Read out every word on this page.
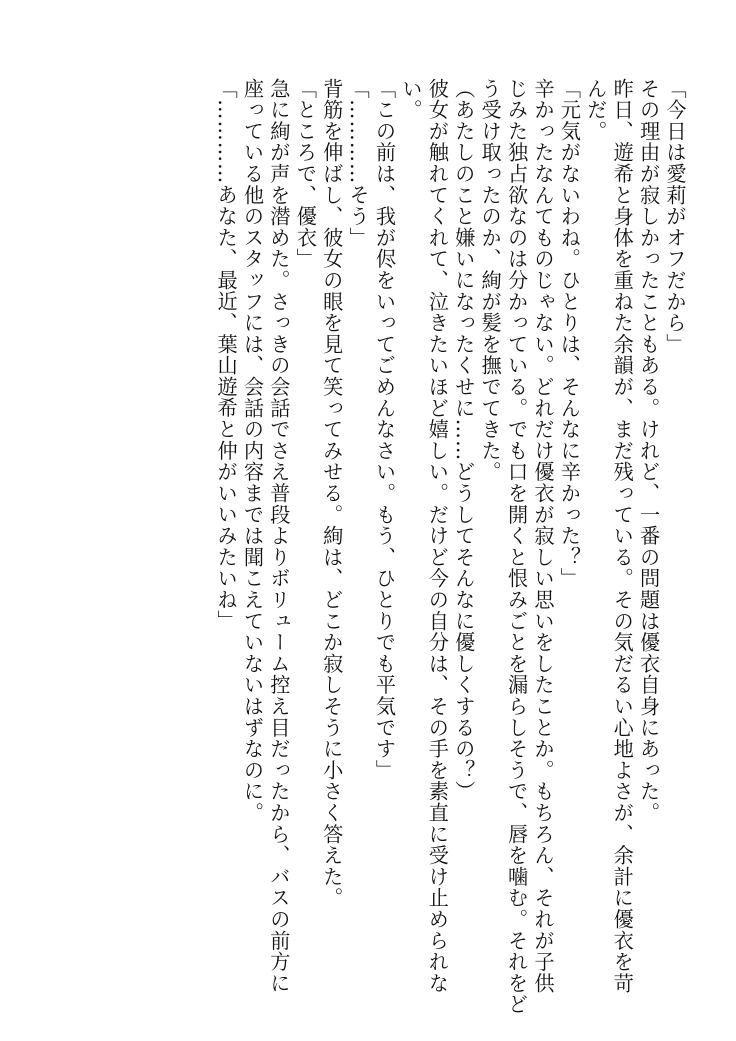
「今日は愛莉がオフだから」
その理由が寂しかったこともある。けれど、一番の問題は優衣自身にあった。
昨日、遊希と身体を重ねた余韻が、まだ残っている。その気だるい心地よさが、余計に優衣を苛
んだ。
「元気がないわね。ひとりは、そんなに辛かった？」
辛かったなんてものじゃない。どれだけ優衣が寂しい思いをしたことか。もちろん、それが子供
じみた独占欲なのは分かっている。でも口を開くと恨みごとを漏らしそうで、唇を噛む。それをど
う受け取ったのか、絢が髪を撫でてきた。
（あたしのこと嫌いになったくせに……どうしてそんなに優しくするの？）
彼女が触れてくれて、泣きたいほど嬉しい。だけど今の自分は、その手を素直に受け止められな
い。
「この前は、我が侭をいってごめんなさい。もう、ひとりでも平気です」
「…………そう」
背筋を伸ばし、彼女の眼を見て笑ってみせる。絢は、どこか寂しそうに小さく答えた。
「ところで、優衣」
急に絢が声を潜めた。さっきの会話でさえ普段よりボリューム控え目だったから、バスの前方に
座っている他のスタッフには、会話の内容までは聞こえていないはずなのに。
「…………あなた、最近、葉山遊希と仲がいいみたいね」
